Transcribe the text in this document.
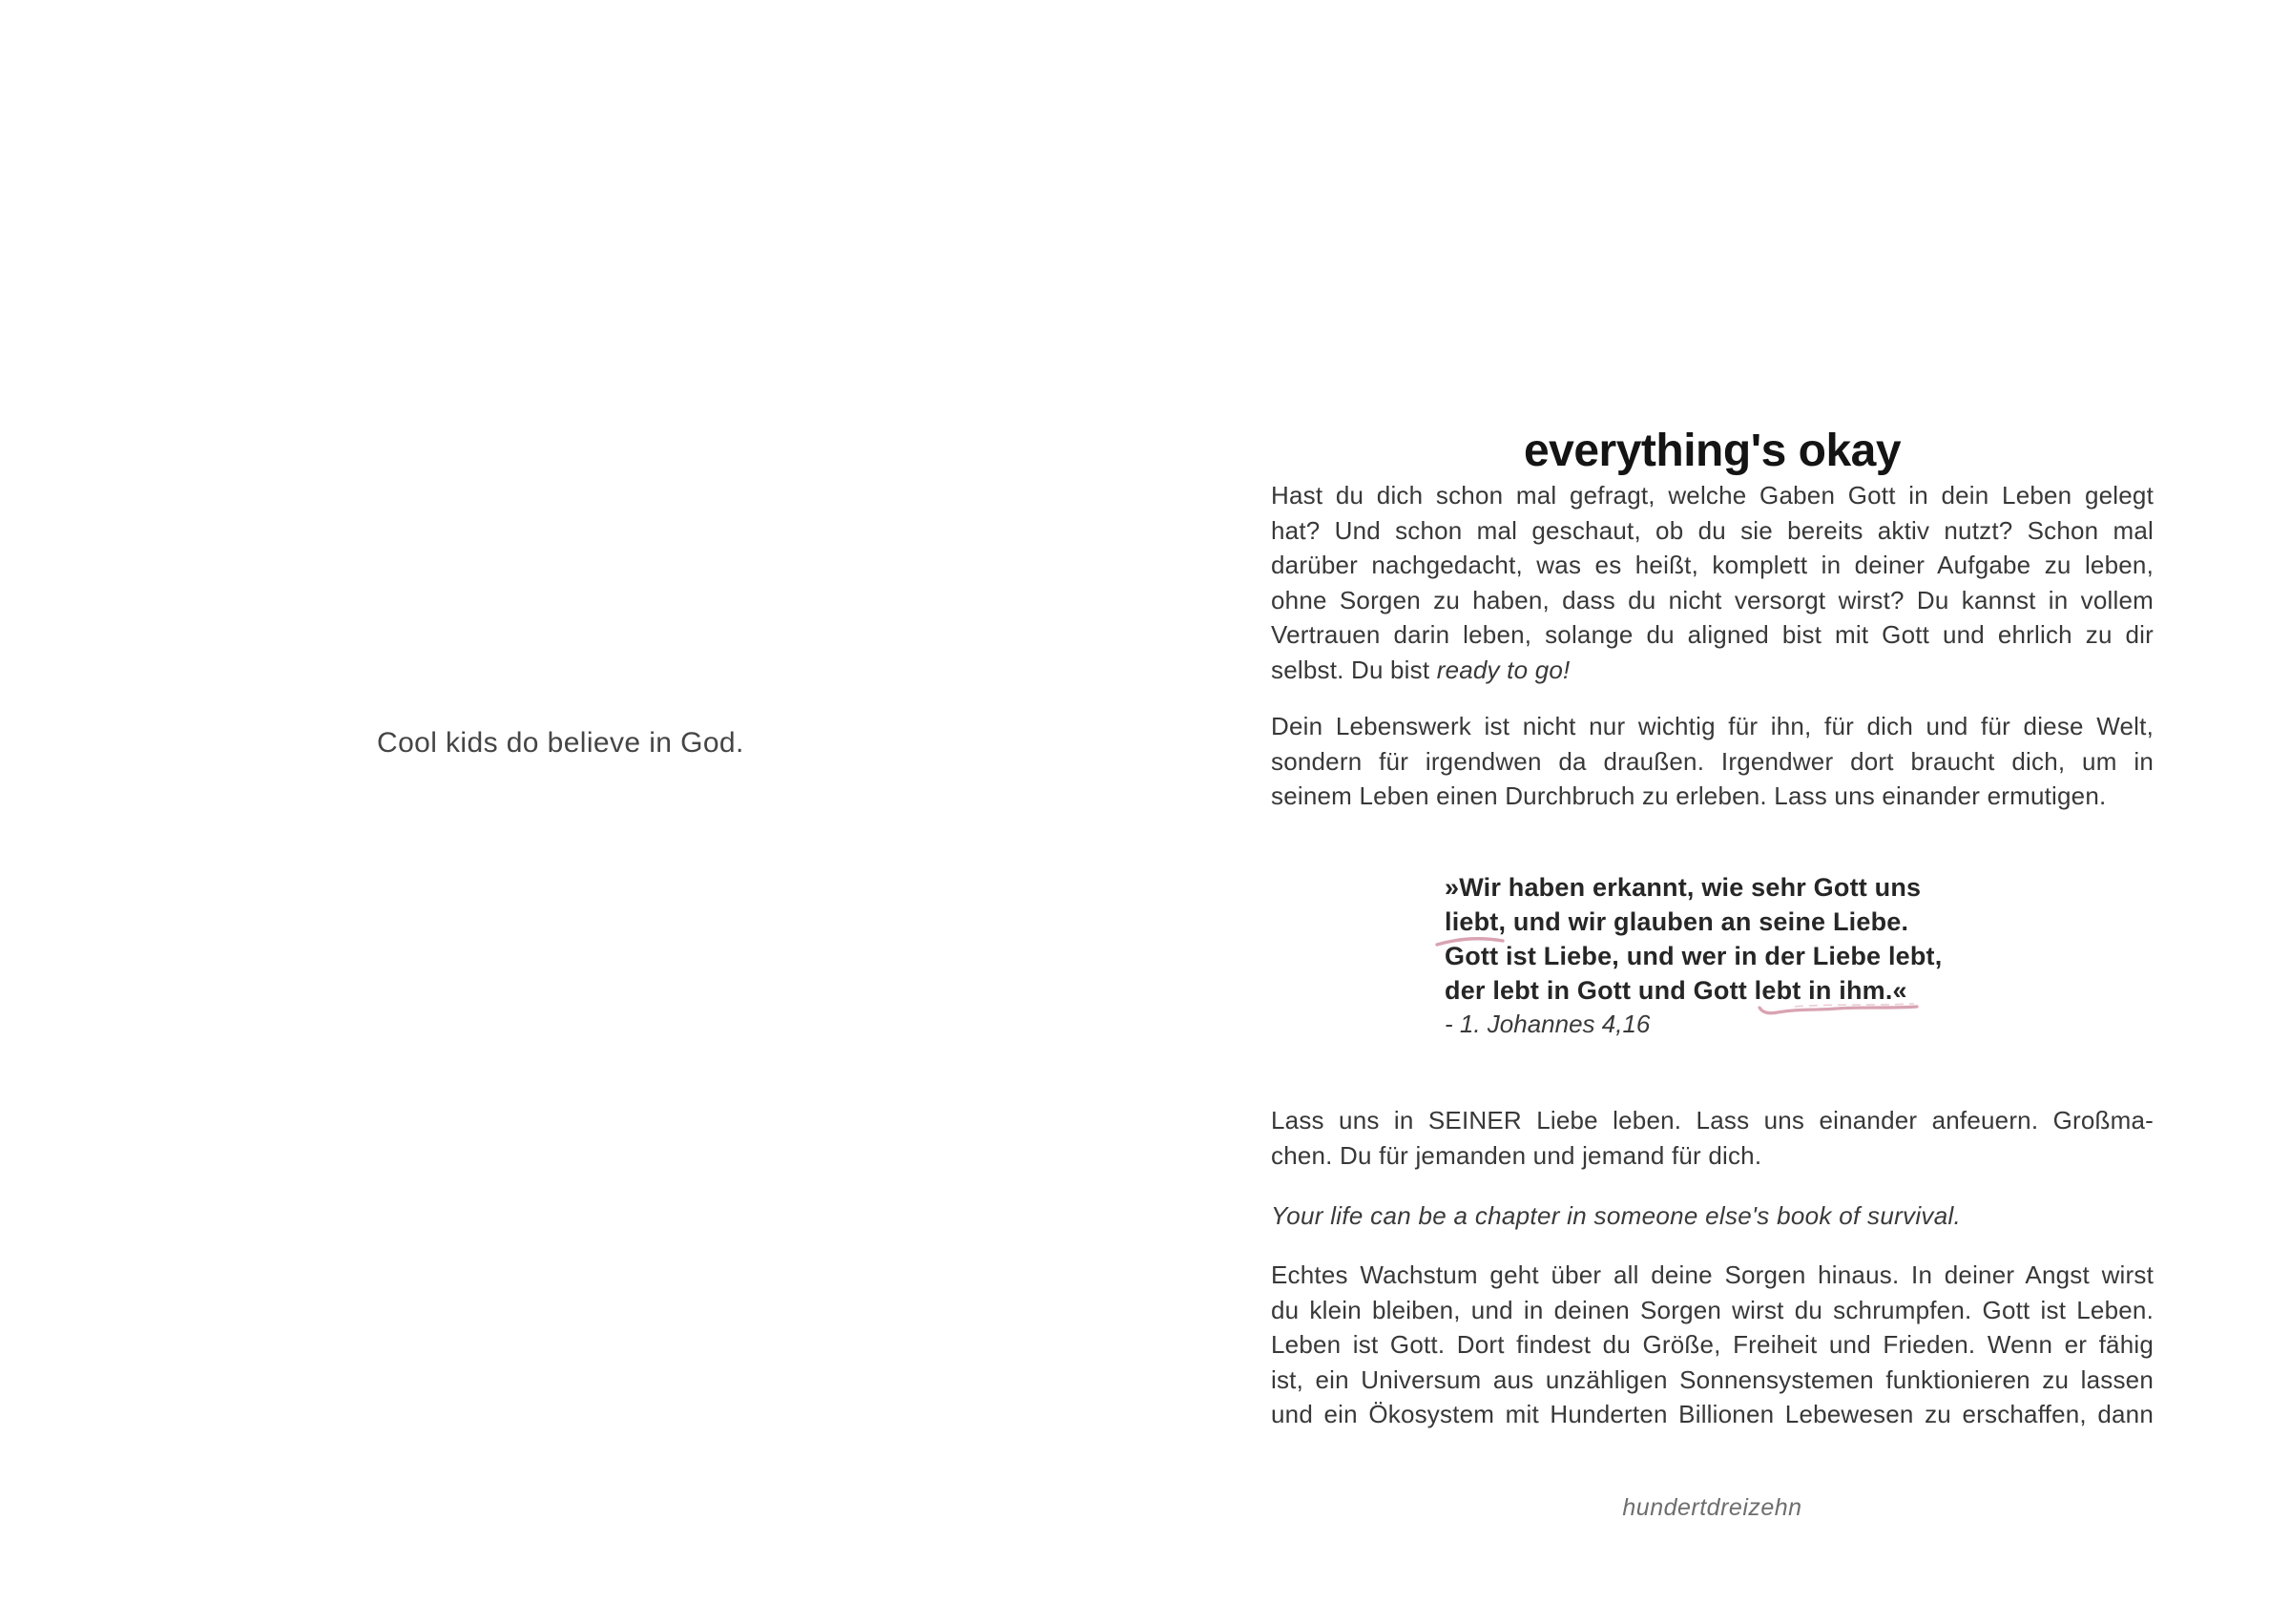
Cool kids do believe in God.
everything's okay
Hast du dich schon mal gefragt, welche Gaben Gott in dein Leben gelegt
hat? Und schon mal geschaut, ob du sie bereits aktiv nutzt? Schon mal
darüber nachgedacht, was es heißt, komplett in deiner Aufgabe zu leben,
ohne Sorgen zu haben, dass du nicht versorgt wirst? Du kannst in vollem
Vertrauen darin leben, solange du aligned bist mit Gott und ehrlich zu dir
selbst. Du bist ready to go!
Dein Lebenswerk ist nicht nur wichtig für ihn, für dich und für diese Welt,
sondern für irgendwen da draußen. Irgendwer dort braucht dich, um in
seinem Leben einen Durchbruch zu erleben. Lass uns einander ermutigen.
»Wir haben erkannt, wie sehr Gott uns
liebt, und wir glauben an seine Liebe.
Gott ist Liebe, und wer in der Liebe lebt,
der lebt in Gott und Gott lebt in ihm.«
- 1. Johannes 4,16
Lass uns in SEINER Liebe leben. Lass uns einander anfeuern. Großma-
chen. Du für jemanden und jemand für dich.
Your life can be a chapter in someone else's book of survival.
Echtes Wachstum geht über all deine Sorgen hinaus. In deiner Angst wirst
du klein bleiben, und in deinen Sorgen wirst du schrumpfen. Gott ist Leben.
Leben ist Gott. Dort findest du Größe, Freiheit und Frieden. Wenn er fähig
ist, ein Universum aus unzähligen Sonnensystemen funktionieren zu lassen
und ein Ökosystem mit Hunderten Billionen Lebewesen zu erschaffen, dann
hundertdreizehn
